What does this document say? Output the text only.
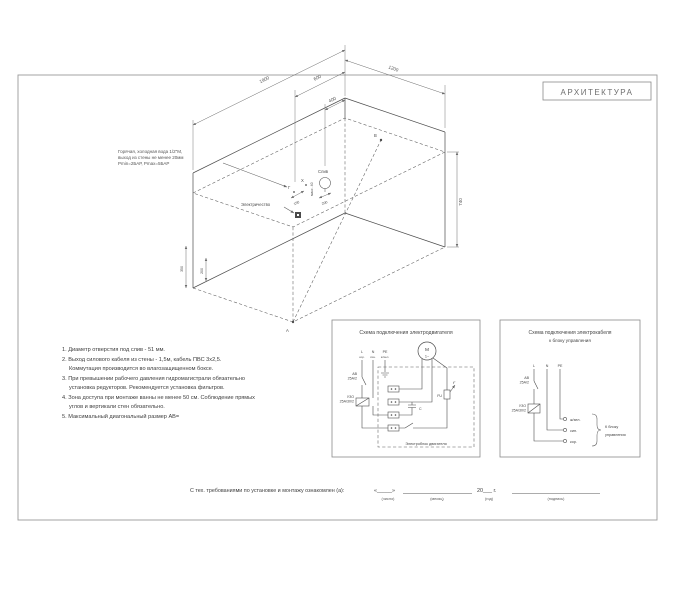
АРХИТЕКТУРА
А
В
1900	600
400
1200
740
350	200
150	200
макс. 40
Электричество
Г
Х
Слив
Горячая, холодная вода 1/2"М,
выход из стены не менее 20мм
Pmin=2БАР, Pmax=5БАР
1. Диаметр отверстия под слив - 51 мм.
2. Выход силового кабеля из стены - 1,5м, кабель ПВС 3х2,5.
Коммутация производится во влагозащищенном боксе.
3. При превышении рабочего давления гидромагистрали обязательно
установка редукторов. Рекомендуется установка фильтров.
4. Зона доступа при монтаже ванны не менее 50 см. Соблюдение прямых
углов и вертикали стен обязательно.
5. Максимальный диагональный размер АВ=
Схема подключения электродвигателя
L
кор.
N
син.
PE
ж/зел.
АВ
25А/2
УЗО
25А/30/2
М
1~
С
FU
t°
Электроблок двигателя
Схема подключения электрокабеля
к блоку управления
L	N	PE
АВ
25А/2
УЗО
25А/30/2
ж/зел.
син.
кор.
К блоку
управления
С тех. требованиями по установке и монтажу ознакомлен (а):	«_____»
(число)	(месяц)
20___ г.
(год)	(подпись)
